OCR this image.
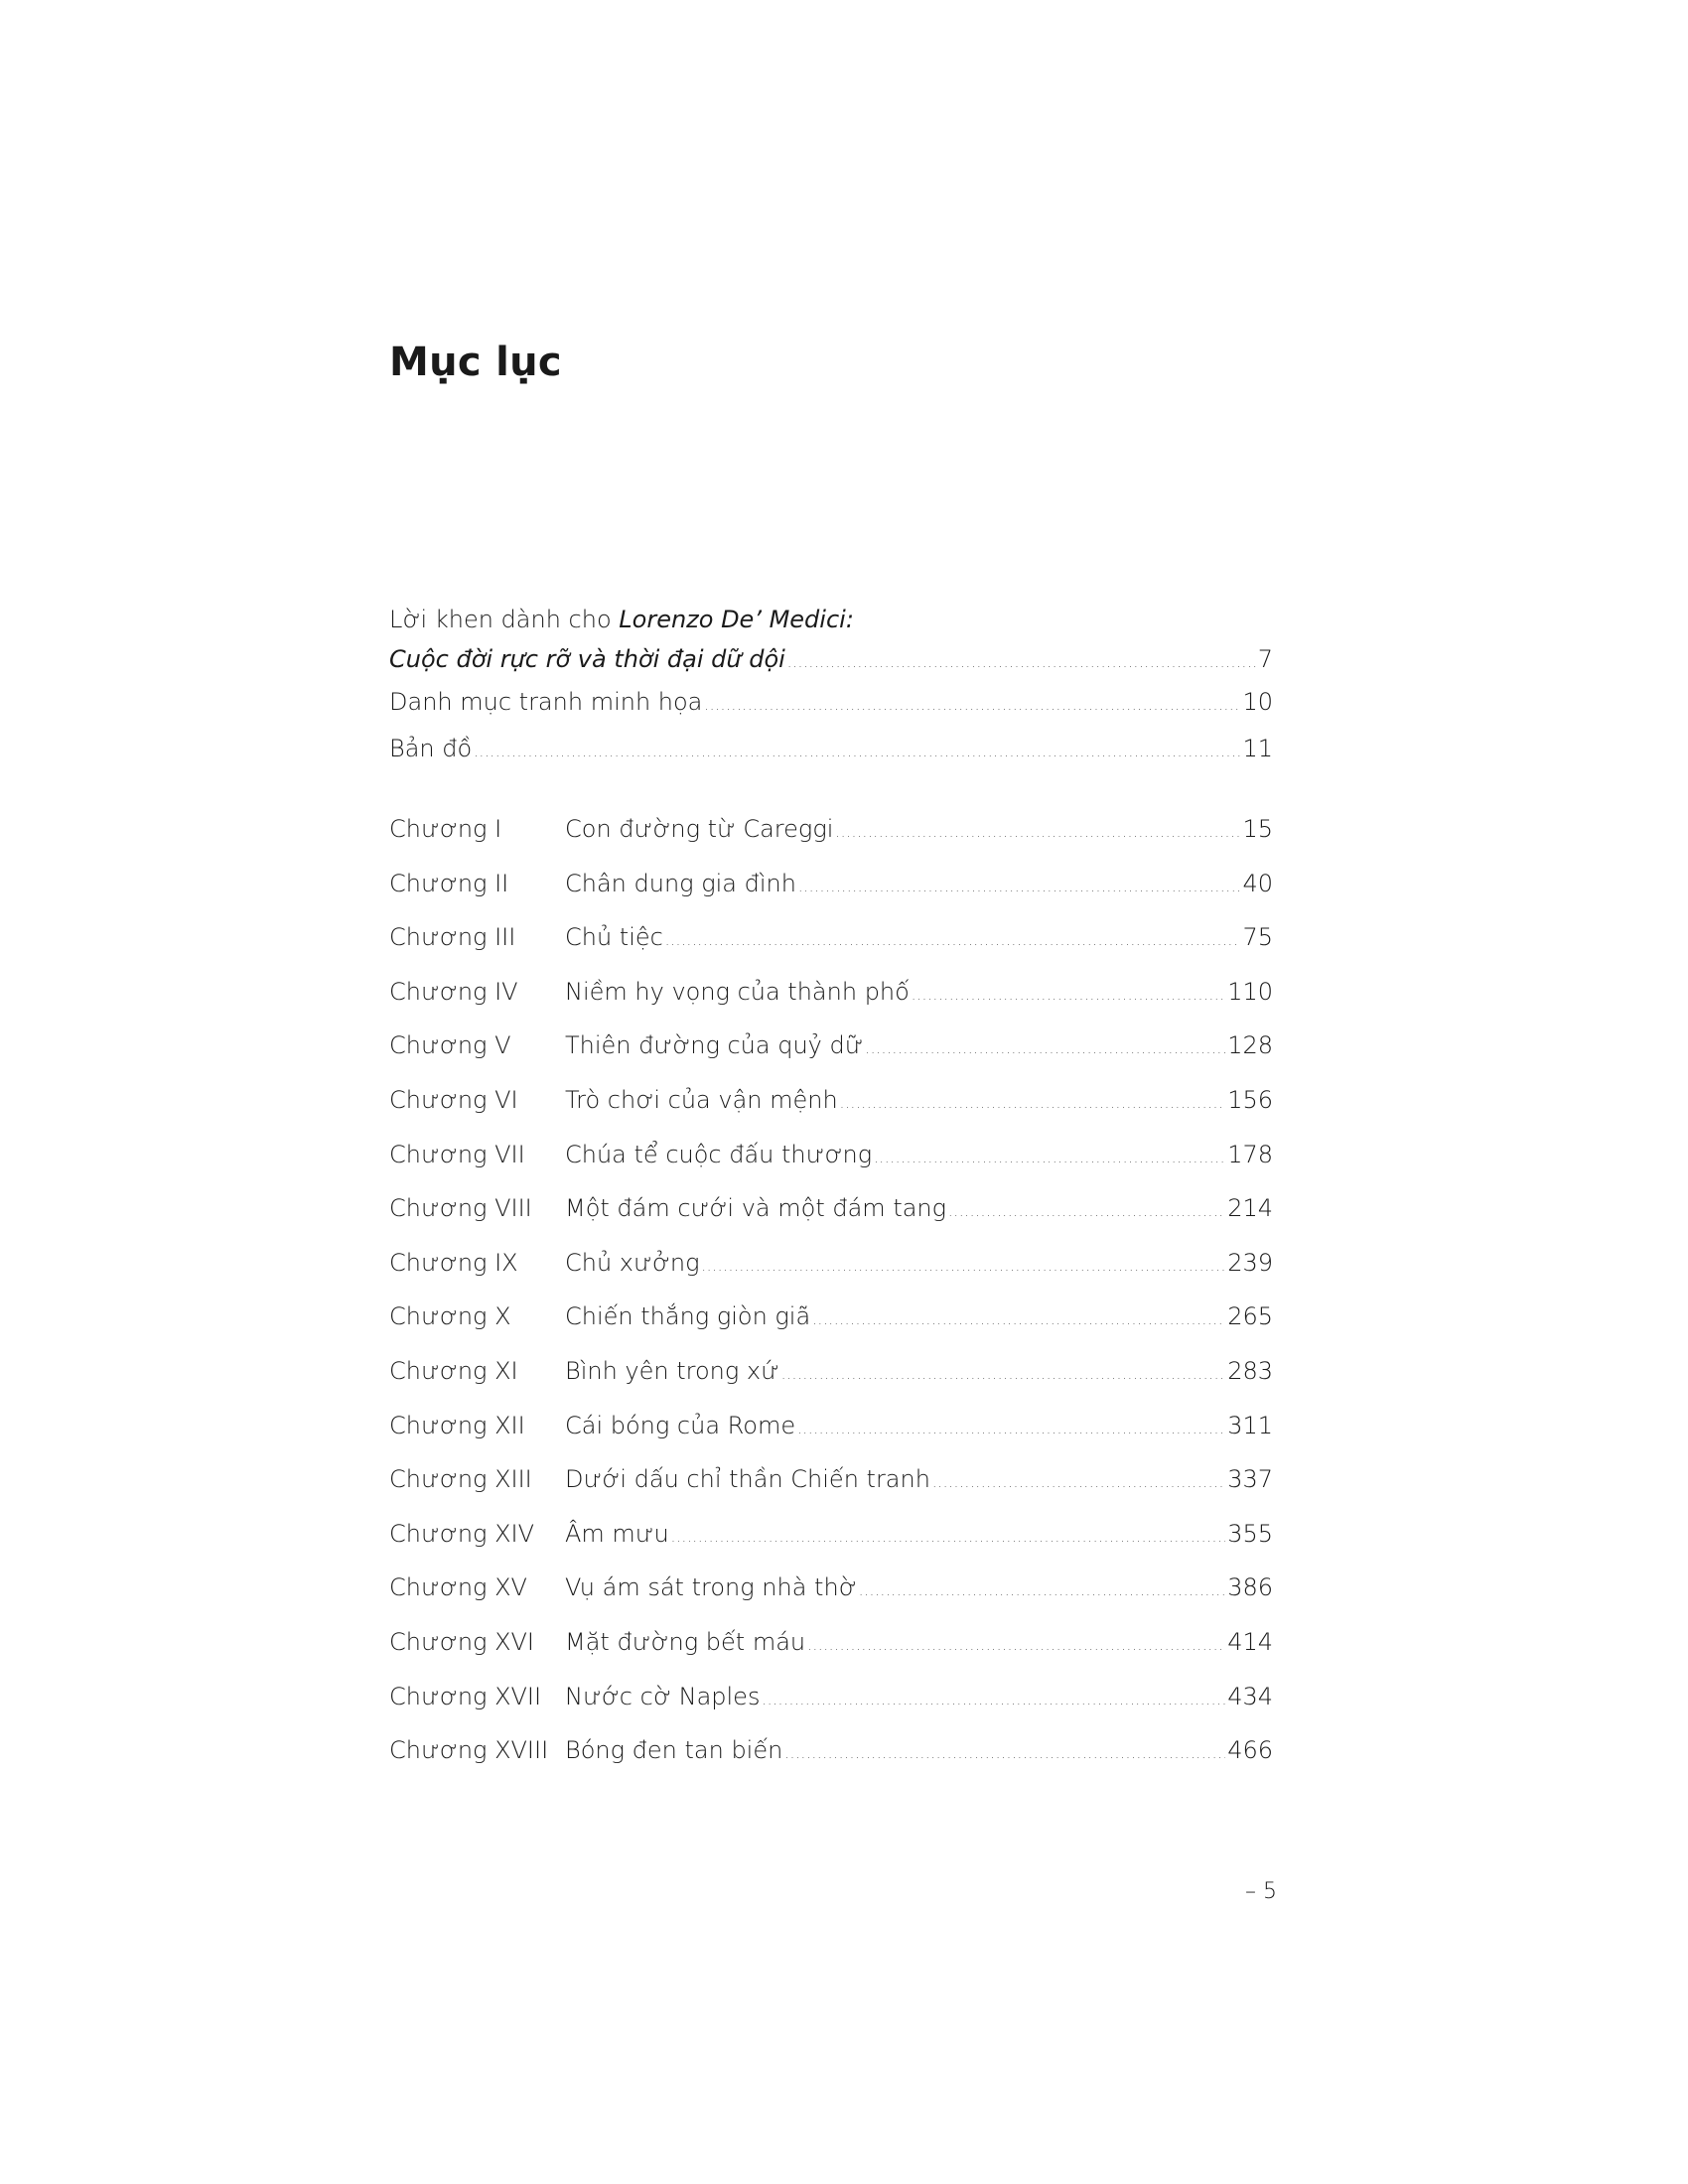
Mục lục
Lời khen dành cho Lorenzo De’ Medici:
Cuộc đời rực rỡ và thời đại dữ dội .....	7
Danh mục tranh minh họa .....	10
Bản đồ .....	11
Chương I	Con đường từ Careggi .....	15
Chương II	Chân dung gia đình .....	40
Chương III	Chủ tiệc .....	75
Chương IV	Niềm hy vọng của thành phố .....	110
Chương V	Thiên đường của quỷ dữ .....	128
Chương VI	Trò chơi của vận mệnh .....	156
Chương VII	Chúa tể cuộc đấu thương .....	178
Chương VIII	Một đám cưới và một đám tang .....	214
Chương IX	Chủ xưởng .....	239
Chương X	Chiến thắng giòn giã .....	265
Chương XI	Bình yên trong xứ .....	283
Chương XII	Cái bóng của Rome .....	311
Chương XIII	Dưới dấu chỉ thần Chiến tranh .....	337
Chương XIV	Âm mưu .....	355
Chương XV	Vụ ám sát trong nhà thờ .....	386
Chương XVI	Mặt đường bết máu .....	414
Chương XVII Nước cờ Naples .....	434
Chương XVIII Bóng đen tan biến .....	466
– 5
